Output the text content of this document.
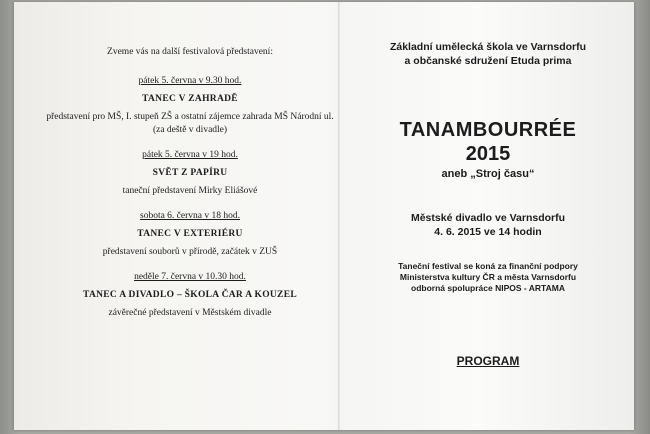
Zveme vás na další festivalová představení:

pátek 5. června v 9.30 hod.
TANEC V ZAHRADĚ
představení pro MŠ, I. stupeň ZŠ a ostatní zájemce zahrada MŠ Národní ul. (za deště v divadle)
pátek 5. června v 19 hod.
SVĚT Z PAPÍRU
taneční představení Mirky Eliášové
sobota 6. června v 18 hod.
TANEC V EXTERIÉRU
představení souborů v přírodě, začátek v ZUŠ
neděle 7. června v 10.30 hod.
TANEC A DIVADLO – ŠKOLA ČAR A KOUZEL
závěrečné představení v Městském divadle
Základní umělecká škola ve Varnsdorfu
a občanské sdružení Etuda prima
TANAMBOURRÉE
2015
aneb „Stroj času“
Městské divadlo ve Varnsdorfu
4. 6. 2015 ve 14 hodin
Taneční festival se koná za finanční podpory
Ministerstva kultury ČR a města Varnsdorfu
odborná spolupráce NIPOS - ARTAMA
PROGRAM
